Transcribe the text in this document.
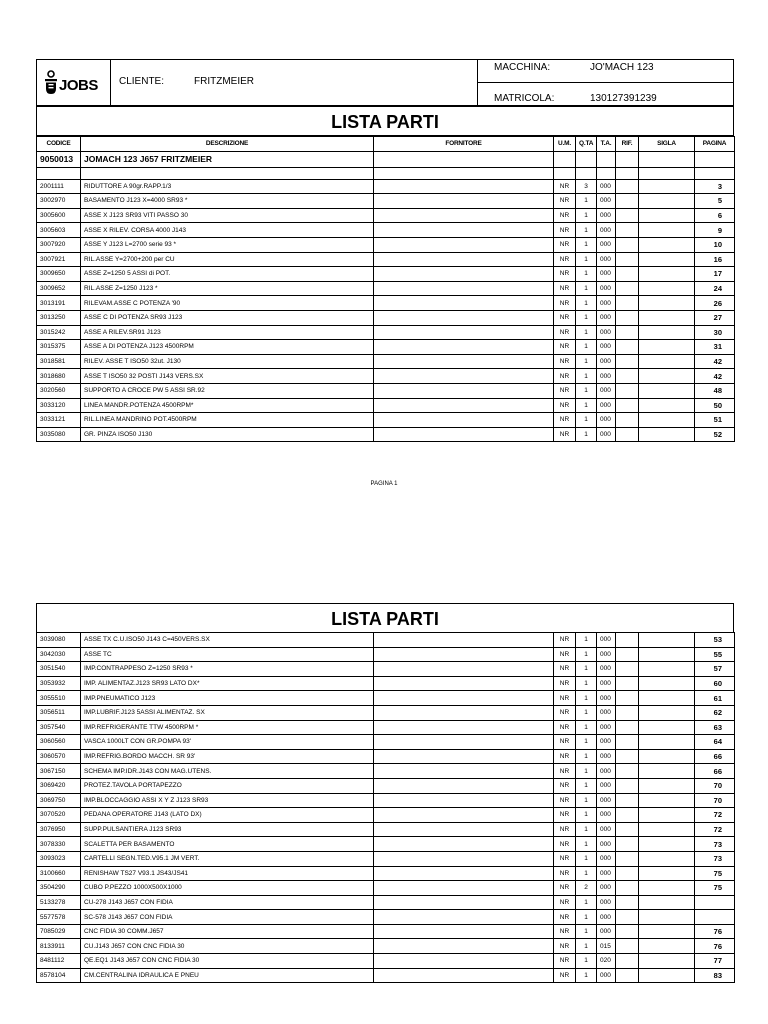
JOBS CLIENTE:	FRITZMEIER
MACCHINA:	JO'MACH 123
MATRICOLA:	130127391239
LISTA PARTI
CODICE	DESCRIZIONE	FORNITORE	U.M.	Q.TA	T.A.	RIF.	SIGLA	PAGINA
9050013	JOMACH 123 J657 FRITZMEIER							

2001111	RIDUTTORE A 90gr.RAPP.1/3		NR	3	000			3
3002970	BASAMENTO J123 X=4000 SR93 *		NR	1	000			5
3005600	ASSE X J123 SR93 VITI PASSO 30		NR	1	000			6
3005603	ASSE X RILEV. CORSA 4000 J143		NR	1	000			9
3007920	ASSE Y J123 L=2700 serie 93 *		NR	1	000			10
3007921	RIL.ASSE Y=2700+200 per CU		NR	1	000			16
3009650	ASSE Z=1250 5 ASSI di POT.		NR	1	000			17
3009652	RIL.ASSE Z=1250 J123 *		NR	1	000			24
3013191	RILEVAM.ASSE C POTENZA '90		NR	1	000			26
3013250	ASSE C DI POTENZA SR93 J123		NR	1	000			27
3015242	ASSE A RILEV.SR91 J123		NR	1	000			30
3015375	ASSE A DI POTENZA J123 4500RPM		NR	1	000			31
3018581	RILEV. ASSE T ISO50 32ut. J130		NR	1	000			42
3018680	ASSE T ISO50 32 POSTI J143 VERS.SX		NR	1	000			42
3020560	SUPPORTO A CROCE PW 5 ASSI SR.92		NR	1	000			48
3033120	LINEA MANDR.POTENZA 4500RPM*		NR	1	000			50
3033121	RIL.LINEA MANDRINO POT.4500RPM		NR	1	000			51
3035080	GR. PINZA ISO50 J130		NR	1	000			52
PAGINA 1
LISTA PARTI
3039080	ASSE TX C.U.ISO50 J143 C=450VERS.SX		NR	1	000			53
3042030	ASSE TC		NR	1	000			55
3051540	IMP.CONTRAPPESO Z=1250 SR93 *		NR	1	000			57
3053932	IMP. ALIMENTAZ.J123 SR93 LATO DX*		NR	1	000			60
3055510	IMP.PNEUMATICO J123		NR	1	000			61
3056511	IMP.LUBRIF.J123 5ASSI ALIMENTAZ. SX		NR	1	000			62
3057540	IMP.REFRIGERANTE TTW 4500RPM *		NR	1	000			63
3060560	VASCA 1000LT CON GR.POMPA 93'		NR	1	000			64
3060570	IMP.REFRIG.BORDO MACCH. SR 93'		NR	1	000			66
3067150	SCHEMA IMP.IDR.J143 CON MAG.UTENS.		NR	1	000			66
3069420	PROTEZ.TAVOLA PORTAPEZZO		NR	1	000			70
3069750	IMP.BLOCCAGGIO ASSI X Y Z J123 SR93		NR	1	000			70
3070520	PEDANA OPERATORE J143 (LATO DX)		NR	1	000			72
3076950	SUPP.PULSANTIERA J123 SR93		NR	1	000			72
3078330	SCALETTA PER BASAMENTO		NR	1	000			73
3093023	CARTELLI SEGN.TED.V95.1 JM VERT.		NR	1	000			73
3100660	RENISHAW TS27 V93.1 JS43/JS41		NR	1	000			75
3504290	CUBO P.PEZZO 1000X500X1000		NR	2	000			75
5133278	CU-278 J143 J657 CON FIDIA		NR	1	000			
5577578	SC-578 J143 J657 CON FIDIA		NR	1	000			
7085029	CNC FIDIA 30 COMM.J657		NR	1	000			76
8133911	CU.J143 J657 CON CNC FIDIA 30		NR	1	015			76
8481112	QE.EQ1 J143 J657 CON CNC FIDIA 30		NR	1	020			77
8578104	CM.CENTRALINA IDRAULICA E PNEU		NR	1	000			83
